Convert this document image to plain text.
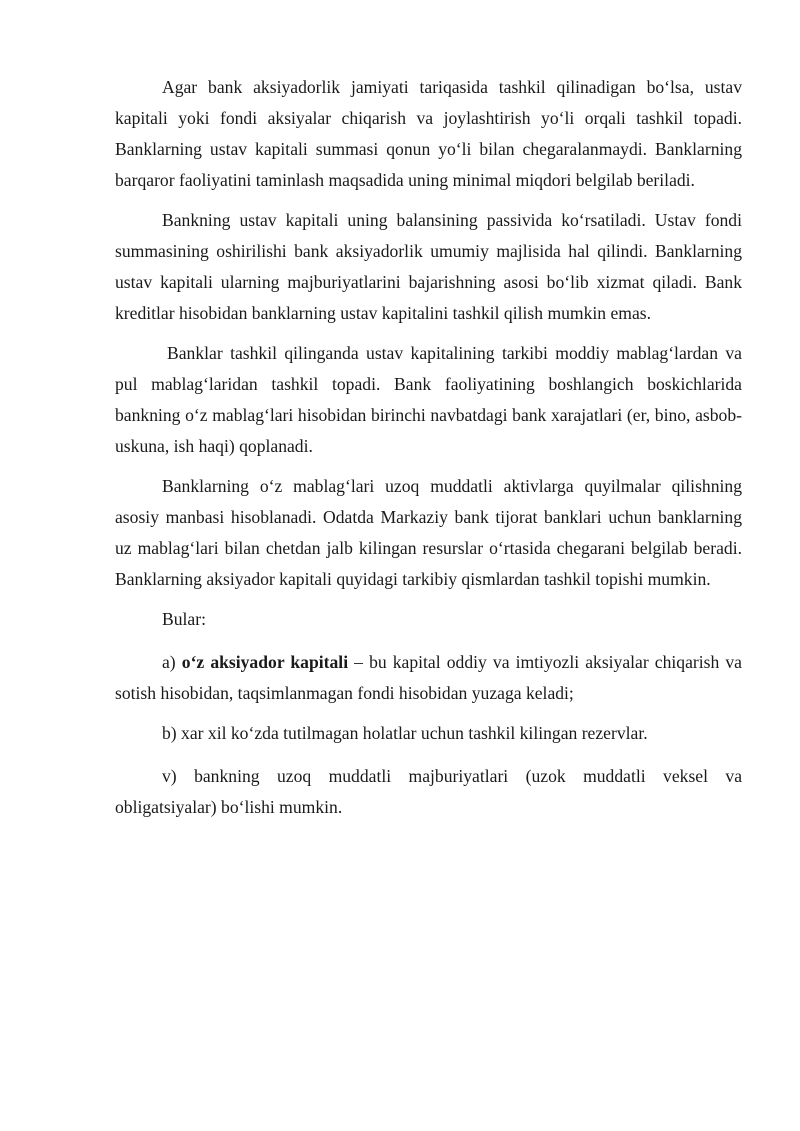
Agar bank aksiyadorlik jamiyati tariqasida tashkil qilinadigan bo‘lsa, ustav kapitali yoki fondi aksiyalar chiqarish va joylashtirish yo‘li orqali tashkil topadi. Banklarning ustav kapitali summasi qonun yo‘li bilan chegaralanmaydi. Banklarning barqaror faoliyatini taminlash maqsadida uning minimal miqdori belgilab beriladi.

Bankning ustav kapitali uning balansining passivida ko‘rsatiladi. Ustav fondi summasining oshirilishi bank aksiyadorlik umumiy majlisida hal qilindi. Banklarning ustav kapitali ularning majburiyatlarini bajarishning asosi bo‘lib xizmat qiladi. Bank kreditlar hisobidan banklarning ustav kapitalini tashkil qilish mumkin emas.

Banklar tashkil qilinganda ustav kapitalining tarkibi moddiy mablag‘lardan va pul mablag‘laridan tashkil topadi. Bank faoliyatining boshlangich boskichlarida bankning o‘z mablag‘lari hisobidan birinchi navbatdagi bank xarajatlari (er, bino, asbob-uskuna, ish haqi) qoplanadi.

Banklarning o‘z mablag‘lari uzoq muddatli aktivlarga quyilmalar qilishning asosiy manbasi hisoblanadi. Odatda Markaziy bank tijorat banklari uchun banklarning uz mablag‘lari bilan chetdan jalb kilingan resurslar o‘rtasida chegarani belgilab beradi. Banklarning aksiyador kapitali quyidagi tarkibiy qismlardan tashkil topishi mumkin.

Bular:

a) o‘z aksiyador kapitali – bu kapital oddiy va imtiyozli aksiyalar chiqarish va sotish hisobidan, taqsimlanmagan fondi hisobidan yuzaga keladi;

b) xar xil ko‘zda tutilmagan holatlar uchun tashkil kilingan rezervlar.

v) bankning uzoq muddatli majburiyatlari (uzok muddatli veksel va obligatsiyalar) bo‘lishi mumkin.
